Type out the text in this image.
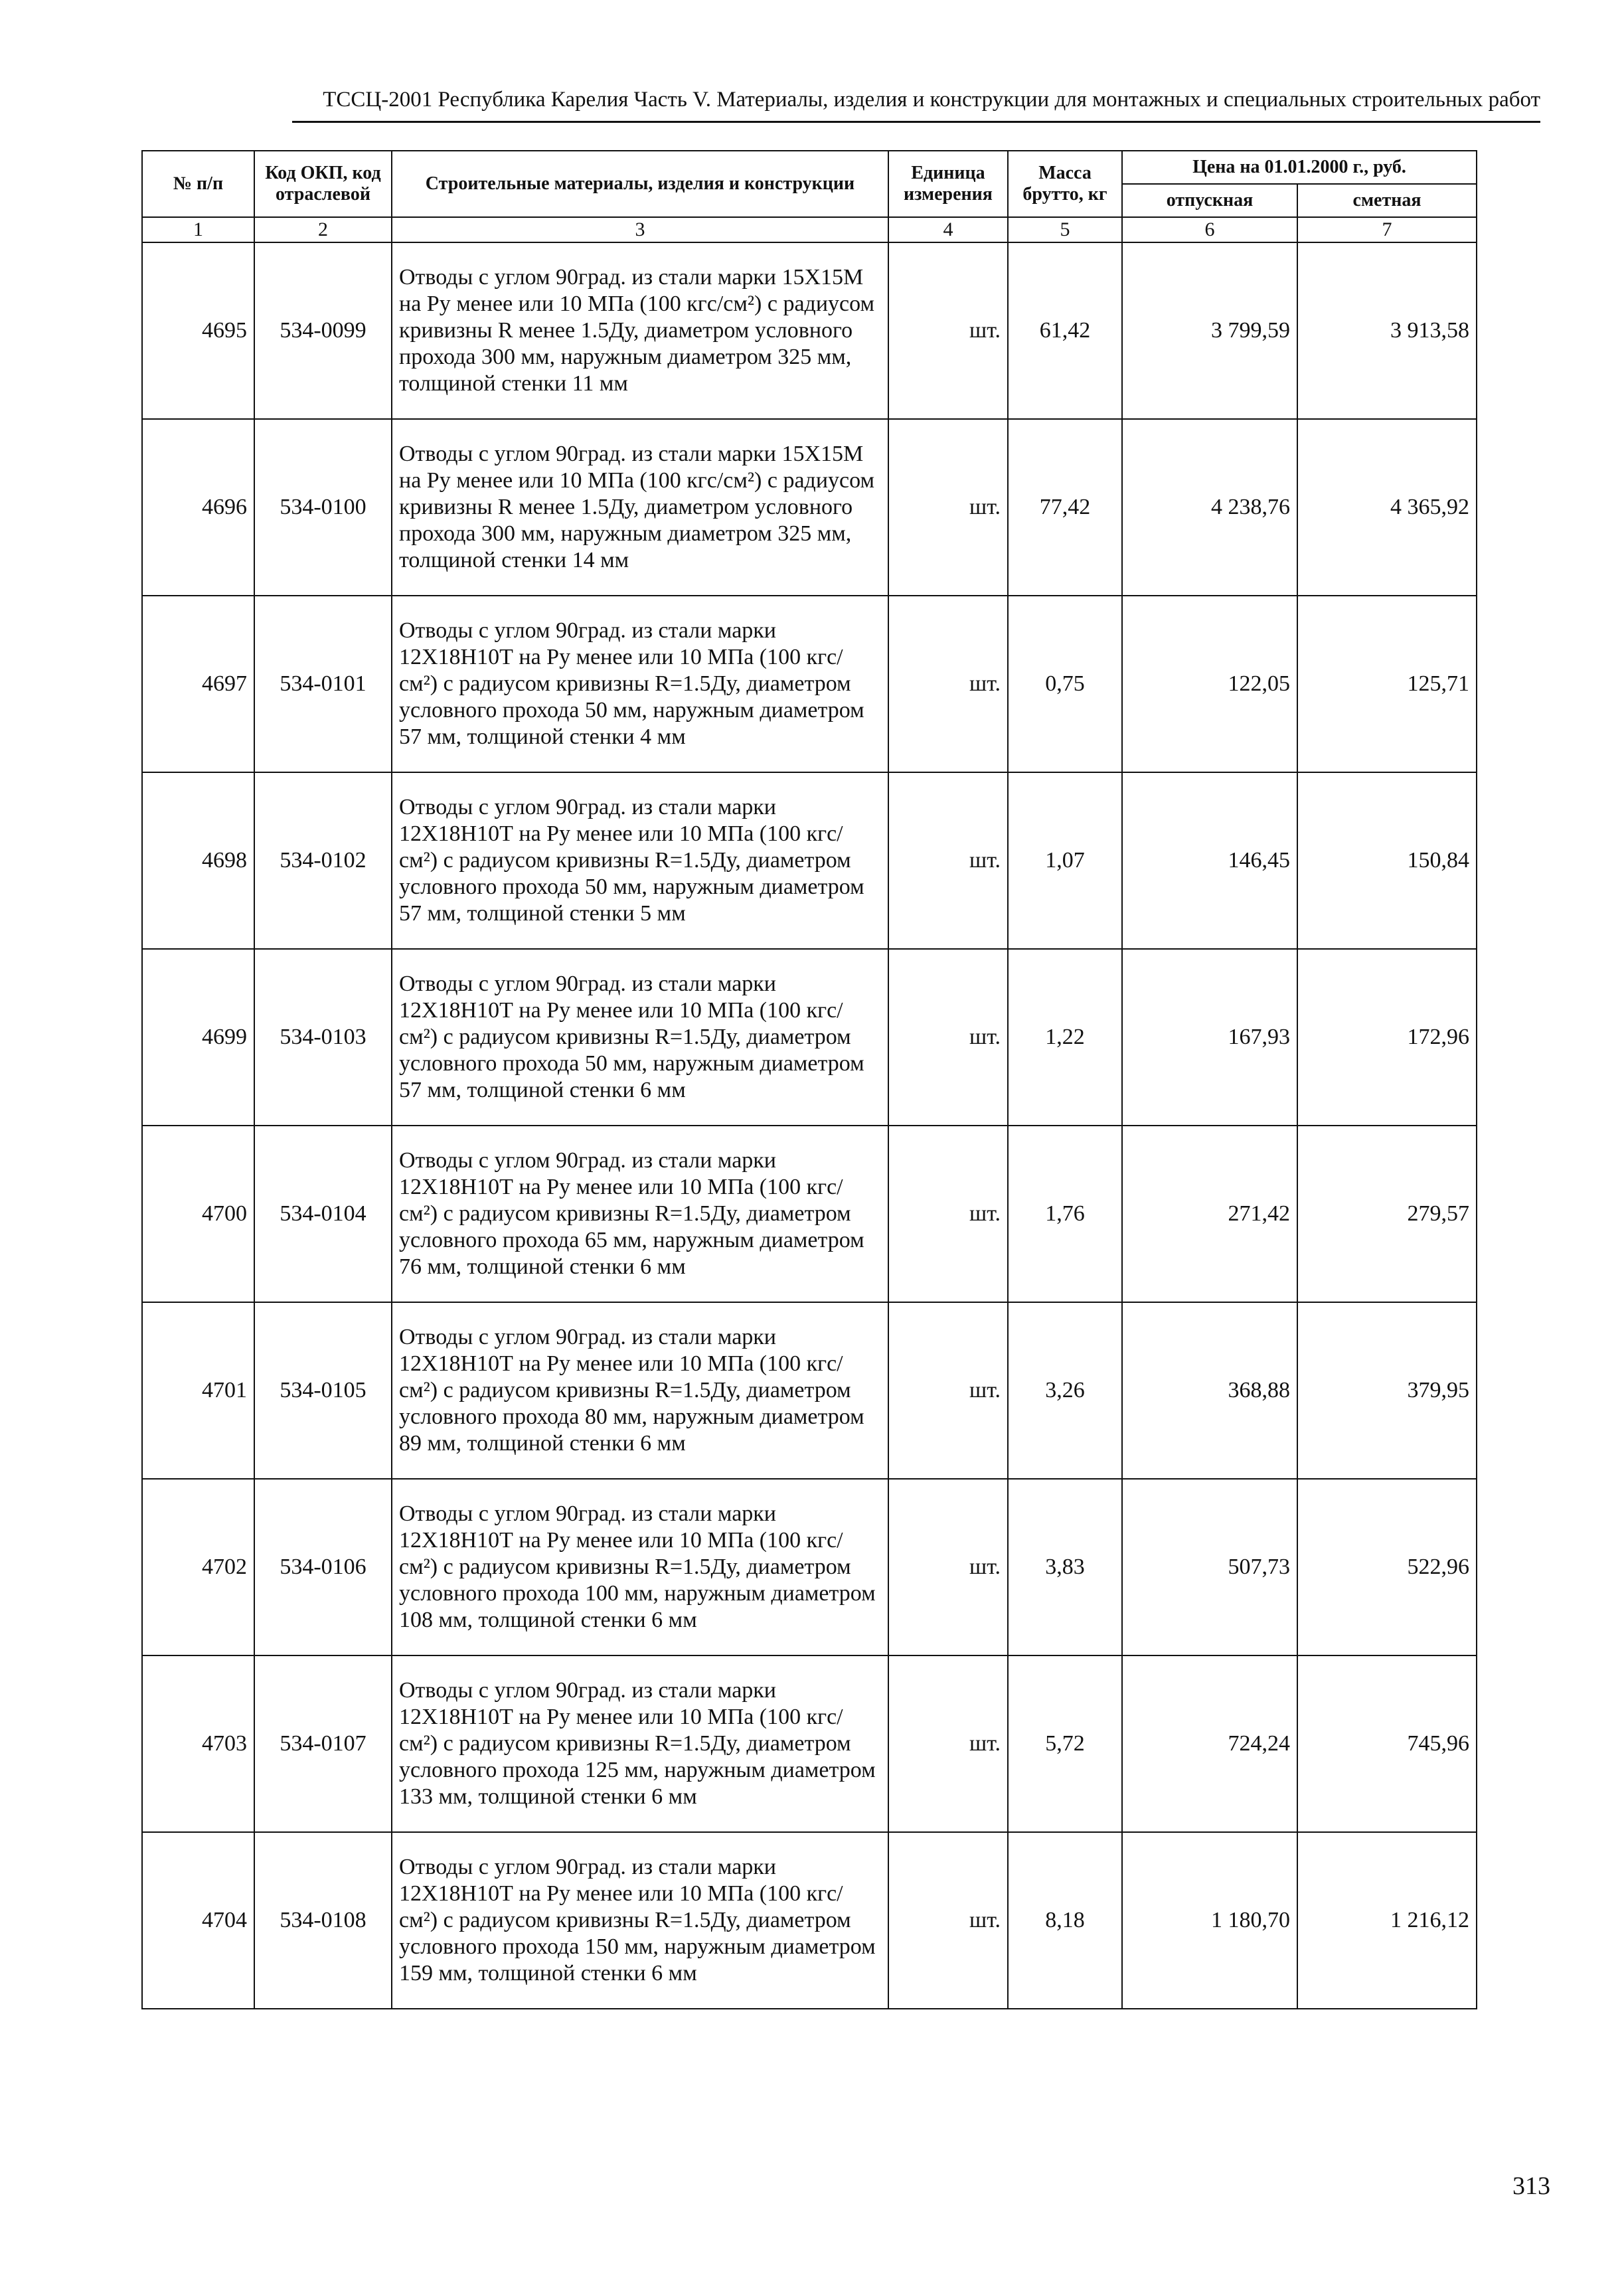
ТССЦ-2001 Республика Карелия Часть V. Материалы, изделия и конструкции для монтажных и специальных строительных работ
№ п/п	Код ОКП, код отраслевой	Строительные материалы, изделия и конструкции	Единица измерения	Масса брутто, кг	Цена на 01.01.2000 г., руб.	
					отпускная	сметная
1	2	3	4	5	6	7
4695	534-0099	Отводы с углом 90град. из стали марки 15Х15М на Ру менее или 10 МПа (100 кгс/см²) с радиусом кривизны R менее 1.5Ду, диаметром условного прохода 300 мм, наружным диаметром 325 мм, толщиной стенки 11 мм	шт.	61,42	3 799,59	3 913,58
4696	534-0100	Отводы с углом 90град. из стали марки 15Х15М на Ру менее или 10 МПа (100 кгс/см²) с радиусом кривизны R менее 1.5Ду, диаметром условного прохода 300 мм, наружным диаметром 325 мм, толщиной стенки 14 мм	шт.	77,42	4 238,76	4 365,92
4697	534-0101	Отводы с углом 90град. из стали марки 12Х18Н10Т на Ру менее или 10 МПа (100 кгс/см²) с радиусом кривизны R=1.5Ду, диаметром условного прохода 50 мм, наружным диаметром 57 мм, толщиной стенки 4 мм	шт.	0,75	122,05	125,71
4698	534-0102	Отводы с углом 90град. из стали марки 12Х18Н10Т на Ру менее или 10 МПа (100 кгс/см²) с радиусом кривизны R=1.5Ду, диаметром условного прохода 50 мм, наружным диаметром 57 мм, толщиной стенки 5 мм	шт.	1,07	146,45	150,84
4699	534-0103	Отводы с углом 90град. из стали марки 12Х18Н10Т на Ру менее или 10 МПа (100 кгс/см²) с радиусом кривизны R=1.5Ду, диаметром условного прохода 50 мм, наружным диаметром 57 мм, толщиной стенки 6 мм	шт.	1,22	167,93	172,96
4700	534-0104	Отводы с углом 90град. из стали марки 12Х18Н10Т на Ру менее или 10 МПа (100 кгс/см²) с радиусом кривизны R=1.5Ду, диаметром условного прохода 65 мм, наружным диаметром 76 мм, толщиной стенки 6 мм	шт.	1,76	271,42	279,57
4701	534-0105	Отводы с углом 90град. из стали марки 12Х18Н10Т на Ру менее или 10 МПа (100 кгс/см²) с радиусом кривизны R=1.5Ду, диаметром условного прохода 80 мм, наружным диаметром 89 мм, толщиной стенки 6 мм	шт.	3,26	368,88	379,95
4702	534-0106	Отводы с углом 90град. из стали марки 12Х18Н10Т на Ру менее или 10 МПа (100 кгс/см²) с радиусом кривизны R=1.5Ду, диаметром условного прохода 100 мм, наружным диаметром 108 мм, толщиной стенки 6 мм	шт.	3,83	507,73	522,96
4703	534-0107	Отводы с углом 90град. из стали марки 12Х18Н10Т на Ру менее или 10 МПа (100 кгс/см²) с радиусом кривизны R=1.5Ду, диаметром условного прохода 125 мм, наружным диаметром 133 мм, толщиной стенки 6 мм	шт.	5,72	724,24	745,96
4704	534-0108	Отводы с углом 90град. из стали марки 12Х18Н10Т на Ру менее или 10 МПа (100 кгс/см²) с радиусом кривизны R=1.5Ду, диаметром условного прохода 150 мм, наружным диаметром 159 мм, толщиной стенки 6 мм	шт.	8,18	1 180,70	1 216,12
313
